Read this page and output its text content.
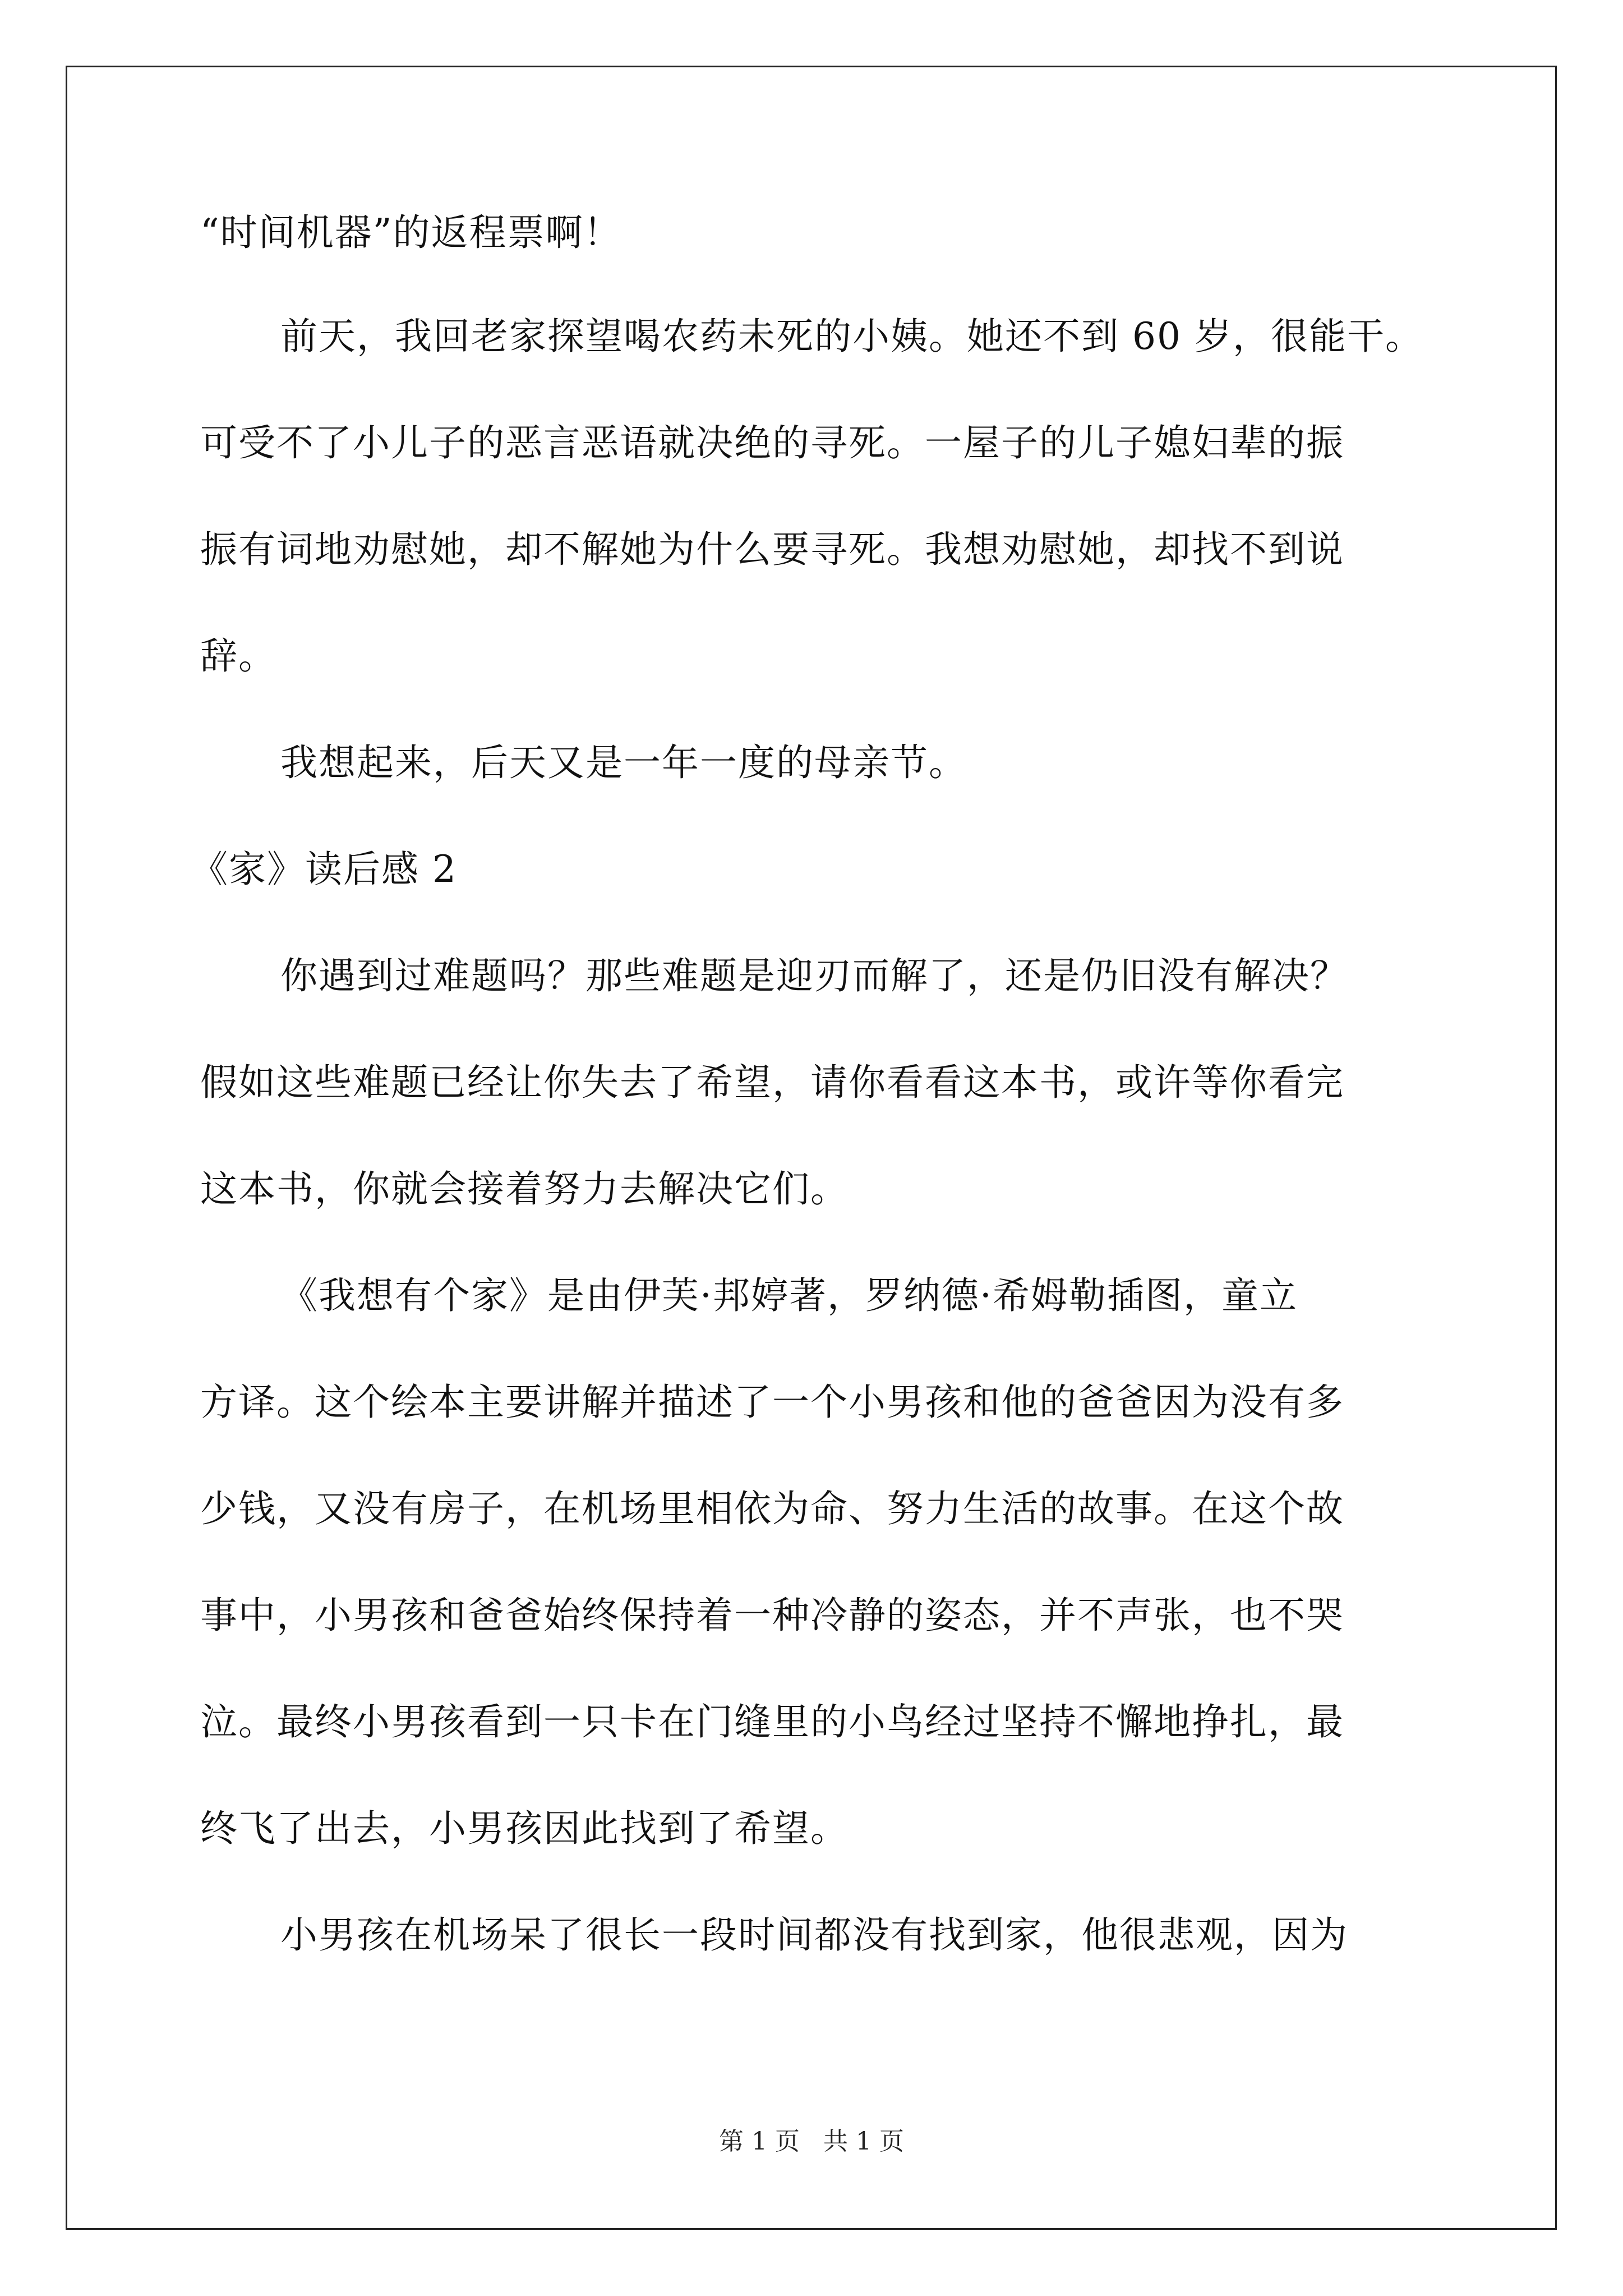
“时间机器”的返程票啊！
前天，我回老家探望喝农药未死的小姨。她还不到 60 岁，很能干。
可受不了小儿子的恶言恶语就决绝的寻死。一屋子的儿子媳妇辈的振
振有词地劝慰她，却不解她为什么要寻死。我想劝慰她，却找不到说
辞。
我想起来，后天又是一年一度的母亲节。
《家》读后感 2
你遇到过难题吗？那些难题是迎刃而解了，还是仍旧没有解决？
假如这些难题已经让你失去了希望，请你看看这本书，或许等你看完
这本书，你就会接着努力去解决它们。
《我想有个家》是由伊芙·邦婷著，罗纳德·希姆勒插图，童立
方译。这个绘本主要讲解并描述了一个小男孩和他的爸爸因为没有多
少钱，又没有房子，在机场里相依为命、努力生活的故事。在这个故
事中，小男孩和爸爸始终保持着一种冷静的姿态，并不声张，也不哭
泣。最终小男孩看到一只卡在门缝里的小鸟经过坚持不懈地挣扎，最
终飞了出去，小男孩因此找到了希望。
小男孩在机场呆了很长一段时间都没有找到家，他很悲观，因为
第 1 页   共 1 页
